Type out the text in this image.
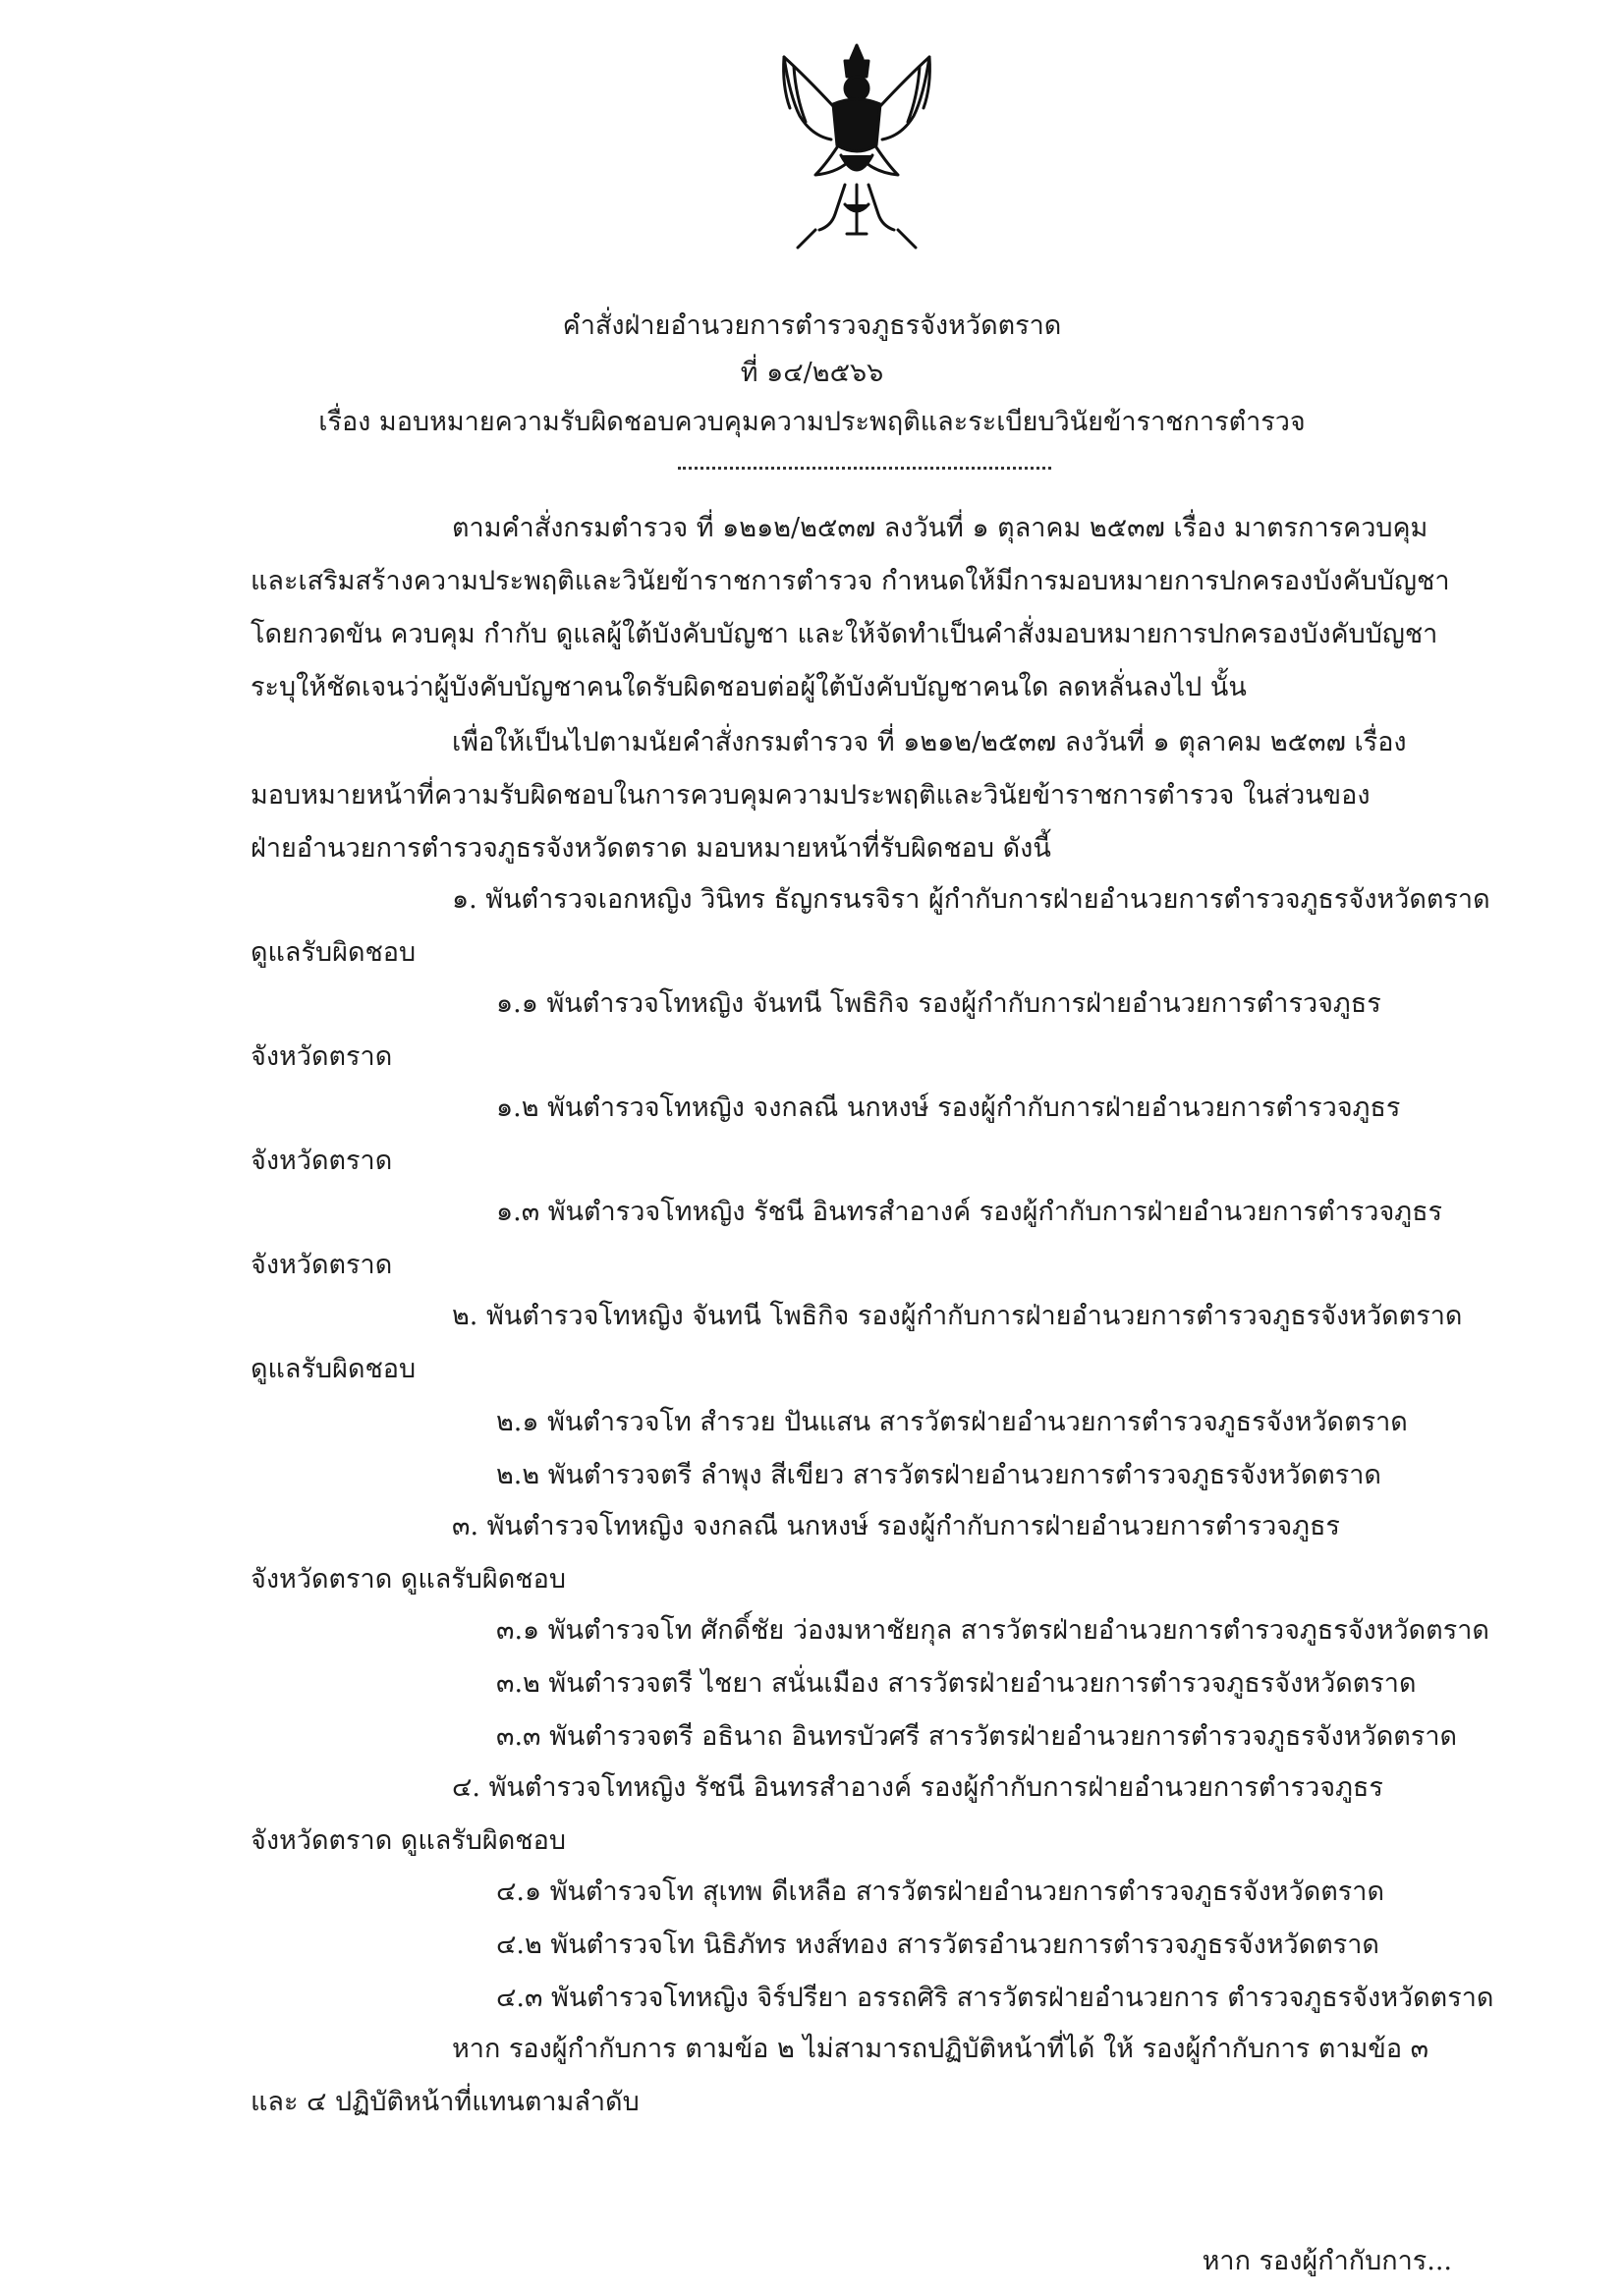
คำสั่งฝ่ายอำนวยการตำรวจภูธรจังหวัดตราด
ที่ ๑๔/๒๕๖๖
เรื่อง มอบหมายความรับผิดชอบควบคุมความประพฤติและระเบียบวินัยข้าราชการตำรวจ
ตามคำสั่งกรมตำรวจ ที่ ๑๒๑๒/๒๕๓๗ ลงวันที่ ๑ ตุลาคม ๒๕๓๗ เรื่อง มาตรการควบคุม
และเสริมสร้างความประพฤติและวินัยข้าราชการตำรวจ กำหนดให้มีการมอบหมายการปกครองบังคับบัญชา
โดยกวดขัน ควบคุม กำกับ ดูแลผู้ใต้บังคับบัญชา และให้จัดทำเป็นคำสั่งมอบหมายการปกครองบังคับบัญชา
ระบุให้ชัดเจนว่าผู้บังคับบัญชาคนใดรับผิดชอบต่อผู้ใต้บังคับบัญชาคนใด ลดหลั่นลงไป นั้น
เพื่อให้เป็นไปตามนัยคำสั่งกรมตำรวจ ที่ ๑๒๑๒/๒๕๓๗ ลงวันที่ ๑ ตุลาคม ๒๕๓๗ เรื่อง
มอบหมายหน้าที่ความรับผิดชอบในการควบคุมความประพฤติและวินัยข้าราชการตำรวจ ในส่วนของ
ฝ่ายอำนวยการตำรวจภูธรจังหวัดตราด มอบหมายหน้าที่รับผิดชอบ ดังนี้
๑. พันตำรวจเอกหญิง วินิทร ธัญกรนรจิรา ผู้กำกับการฝ่ายอำนวยการตำรวจภูธรจังหวัดตราด
ดูแลรับผิดชอบ
๑.๑ พันตำรวจโทหญิง จันทนี โพธิกิจ รองผู้กำกับการฝ่ายอำนวยการตำรวจภูธร
จังหวัดตราด
๑.๒ พันตำรวจโทหญิง จงกลณี นกหงษ์ รองผู้กำกับการฝ่ายอำนวยการตำรวจภูธร
จังหวัดตราด
๑.๓ พันตำรวจโทหญิง รัชนี อินทรสำอางค์ รองผู้กำกับการฝ่ายอำนวยการตำรวจภูธร
จังหวัดตราด
๒. พันตำรวจโทหญิง จันทนี โพธิกิจ รองผู้กำกับการฝ่ายอำนวยการตำรวจภูธรจังหวัดตราด
ดูแลรับผิดชอบ
๒.๑ พันตำรวจโท สำรวย ปันแสน สารวัตรฝ่ายอำนวยการตำรวจภูธรจังหวัดตราด
๒.๒ พันตำรวจตรี ลำพุง สีเขียว สารวัตรฝ่ายอำนวยการตำรวจภูธรจังหวัดตราด
๓. พันตำรวจโทหญิง จงกลณี นกหงษ์ รองผู้กำกับการฝ่ายอำนวยการตำรวจภูธร
จังหวัดตราด ดูแลรับผิดชอบ
๓.๑ พันตำรวจโท ศักดิ์ชัย ว่องมหาชัยกุล สารวัตรฝ่ายอำนวยการตำรวจภูธรจังหวัดตราด
๓.๒ พันตำรวจตรี ไชยา สนั่นเมือง สารวัตรฝ่ายอำนวยการตำรวจภูธรจังหวัดตราด
๓.๓ พันตำรวจตรี อธินาถ อินทรบัวศรี สารวัตรฝ่ายอำนวยการตำรวจภูธรจังหวัดตราด
๔. พันตำรวจโทหญิง รัชนี อินทรสำอางค์ รองผู้กำกับการฝ่ายอำนวยการตำรวจภูธร
จังหวัดตราด ดูแลรับผิดชอบ
๔.๑ พันตำรวจโท สุเทพ ดีเหลือ สารวัตรฝ่ายอำนวยการตำรวจภูธรจังหวัดตราด
๔.๒ พันตำรวจโท นิธิภัทร หงส์ทอง สารวัตรอำนวยการตำรวจภูธรจังหวัดตราด
๔.๓ พันตำรวจโทหญิง จิร์ปรียา อรรถศิริ สารวัตรฝ่ายอำนวยการ ตำรวจภูธรจังหวัดตราด
หาก รองผู้กำกับการ ตามข้อ ๒ ไม่สามารถปฏิบัติหน้าที่ได้ ให้ รองผู้กำกับการ ตามข้อ ๓
และ ๔ ปฏิบัติหน้าที่แทนตามลำดับ
หาก รองผู้กำกับการ...
